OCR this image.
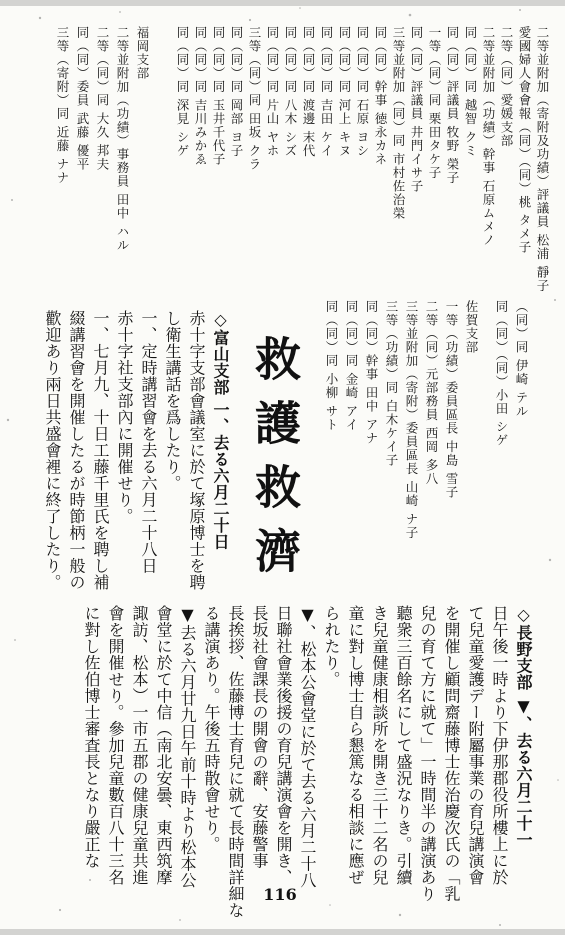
二等並附加（寄附及功績）評議員 松浦 靜子
愛國婦人會會報（同）（同）桃 タメ子
二等（同）愛媛支部
二等並附加（功績）幹事 石原ムメノ
同（同）同 越智 クミ
同（同）評議員 牧野 榮子
一等（同）同 栗田タケ子
同（同）評議員 井門イサ子
三等並附加（同）同 市村佐治榮
同（同）幹事 徳永カネ
同（同）同 石原 ヨシ
同（同）同 河上 キヌ
同（同）同 吉田 ケイ
同（同）同 渡邊 末代
同（同）同 八木 シズ
同（同）同 片山 ヤホ
三等（同）同 田坂 クラ
同（同）同 岡部 ヨ子
同（同）同 玉井千代子
同（同）同 吉川みかゑ
同（同）同 深見 シゲ
福岡支部
二等並附加（功績）事務員 田中 ハル
二等（同）同 大久 邦夫
同（同）委員 武藤 優平
三等（寄附）同 近藤 ナナ
（同）同 伊崎 テル
同（同）（同）小田 シゲ
佐賀支部
一等（功績）委員區長 中島 雪子
二等（同）元部務員 西岡 多八
三等並附加（寄附）委員區長 山崎 ナ子
三等（功績）同 白木ケイ子
同（同）幹事 田中 アナ
同（同）同 金崎 アイ
同（同）同 小柳 サト
救護救濟
◇富山支部 一、去る六月二十日
赤十字支部會議室に於て塚原博士を聘
し衛生講話を爲したり。
一、定時講習會を去る六月二十八日
赤十字社支部內に開催せり。
一、七月九、十日工藤千里氏を聘し補
綴講習會を開催したるが時節柄一般の
歡迎あり兩日共盛會裡に終了したり。
◇長野支部 ▼、去る六月二十一
日午後一時より下伊那郡役所樓上に於
て兒童愛護デー附屬事業の育兒講演會
を開催し顧問齋藤博士佐治慶次氏の「乳
兒の育て方に就て」一時間半の講演あり
聽衆三百餘名にして盛況なりき。引續
き兒童健康相談所を開き三十二名の兒
童に對し博士自ら懇篤なる相談に應ぜ
られたり。
▼、松本公會堂に於て去る六月二十八
日聯社會業後援の育兒講演會を開き、
長坂社會課長の開會の辭、安藤警事
長挨拶、佐藤博士育兒に就て長時間詳細な
る講演あり。午後五時散會せり。
▼去る六月廿九日午前十時より松本公
會堂に於て中信（南北安曇、東西筑摩
諏訪、松本）一市五郡の健康兒童共進
會を開催せり。參加兒童數百八十三名
に對し佐伯博士審査長となり嚴正な
116
